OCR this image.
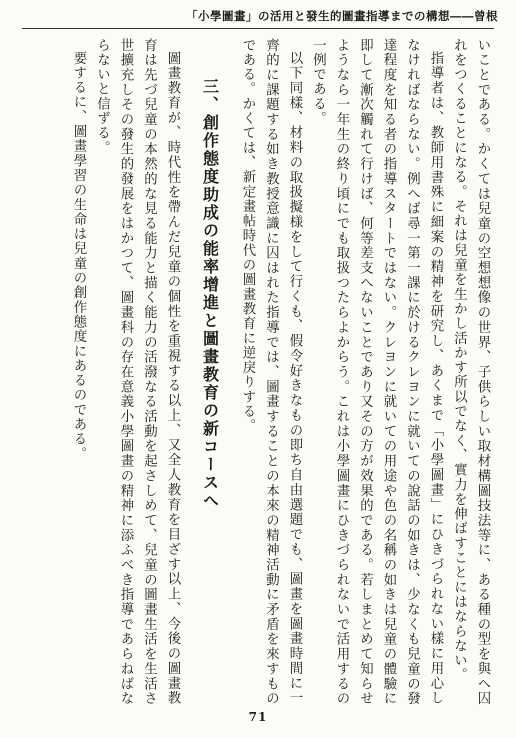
「小學圖畫」の活用と發生的圖畫指導までの構想――曾根

いことである。かくては兒童の空想想像の世界、子供らしい取材構圖技法等に、ある種の型を與へ囚れをつくることになる。それは兒童を生かし活かす所以でなく、實力を伸ばすことにはならない。

指導者は、教師用書殊に細案の精神を研究し、あくまで「小學圖畫」にひきづられない樣に用心しなければならない。例へば尋一第一課に於けるクレヨンに就いての說話の如きは、少なくも兒童の發達程度を知る者の指導スタートではない。クレヨンに就いての用途や色の名稱の如きは兒童の體驗に即して漸次觸れて行けば、何等差支へないことであり又その方が效果的である。若しまとめて知らせようなら一年生の終り頃にでも取扱つたらよからう。これは小學圖畫にひきづられないで活用するの一例である。

以下同樣、材料の取扱擬様をして行くも、假令好きなもの即ち自由選題でも、圖畫を圖畫時間に一齊的に課題する如き教授意識に囚はれた指導では、圖畫することの本來の精神活動に矛盾を來すものである。かくては、新定畫帖時代の圖畫教育に逆戾りする。

三、創作態度助成の能率增進と圖畫教育の新コースへ

圖畫教育が、時代性を帶んだ兒童の個性を重視する以上、又全人教育を目ざす以上、今後の圖畫教育は先づ兒童の本然的な見る能力と描く能力の活潑なる活動を起さしめて、兒童の圖畫生活を生活さ世擴充しその發生的發展をはかつて、圖畫科の存在意義小學圖畫の精神に添ふべき指導であらねばならないと信ずる。

要するに、圖畫學習の生命は兒童の創作態度にあるのである。

71
